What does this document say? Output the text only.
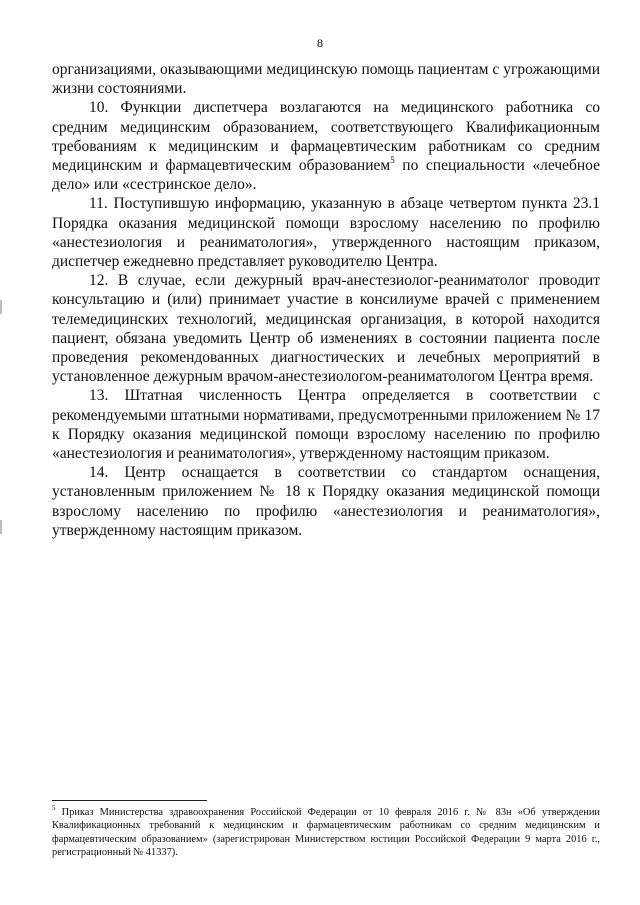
8

организациями, оказывающими медицинскую помощь пациентам с угрожающими жизни состояниями.

10. Функции диспетчера возлагаются на медицинского работника со средним медицинским образованием, соответствующего Квалификационным требованиям к медицинским и фармацевтическим работникам со средним медицинским и фармацевтическим образованием$^5$ по специальности «лечебное дело» или «сестринское дело».

11. Поступившую информацию, указанную в абзаце четвертом пункта 23.1 Порядка оказания медицинской помощи взрослому населению по профилю «анестезиология и реаниматология», утвержденного настоящим приказом, диспетчер ежедневно представляет руководителю Центра.

12. В случае, если дежурный врач-анестезиолог-реаниматолог проводит консультацию и (или) принимает участие в консилиуме врачей с применением телемедицинских технологий, медицинская организация, в которой находится пациент, обязана уведомить Центр об изменениях в состоянии пациента после проведения рекомендованных диагностических и лечебных мероприятий в установленное дежурным врачом-анестезиологом-реаниматологом Центра время.

13. Штатная численность Центра определяется в соответствии с рекомендуемыми штатными нормативами, предусмотренными приложением № 17 к Порядку оказания медицинской помощи взрослому населению по профилю «анестезиология и реаниматология», утвержденному настоящим приказом.

14. Центр оснащается в соответствии со стандартом оснащения, установленным приложением № 18 к Порядку оказания медицинской помощи взрослому населению по профилю «анестезиология и реаниматология», утвержденному настоящим приказом.

$^5$ Приказ Министерства здравоохранения Российской Федерации от 10 февраля 2016 г. № 83н «Об утверждении Квалификационных требований к медицинским и фармацевтическим работникам со средним медицинским и фармацевтическим образованием» (зарегистрирован Министерством юстиции Российской Федерации 9 марта 2016 г., регистрационный № 41337).
